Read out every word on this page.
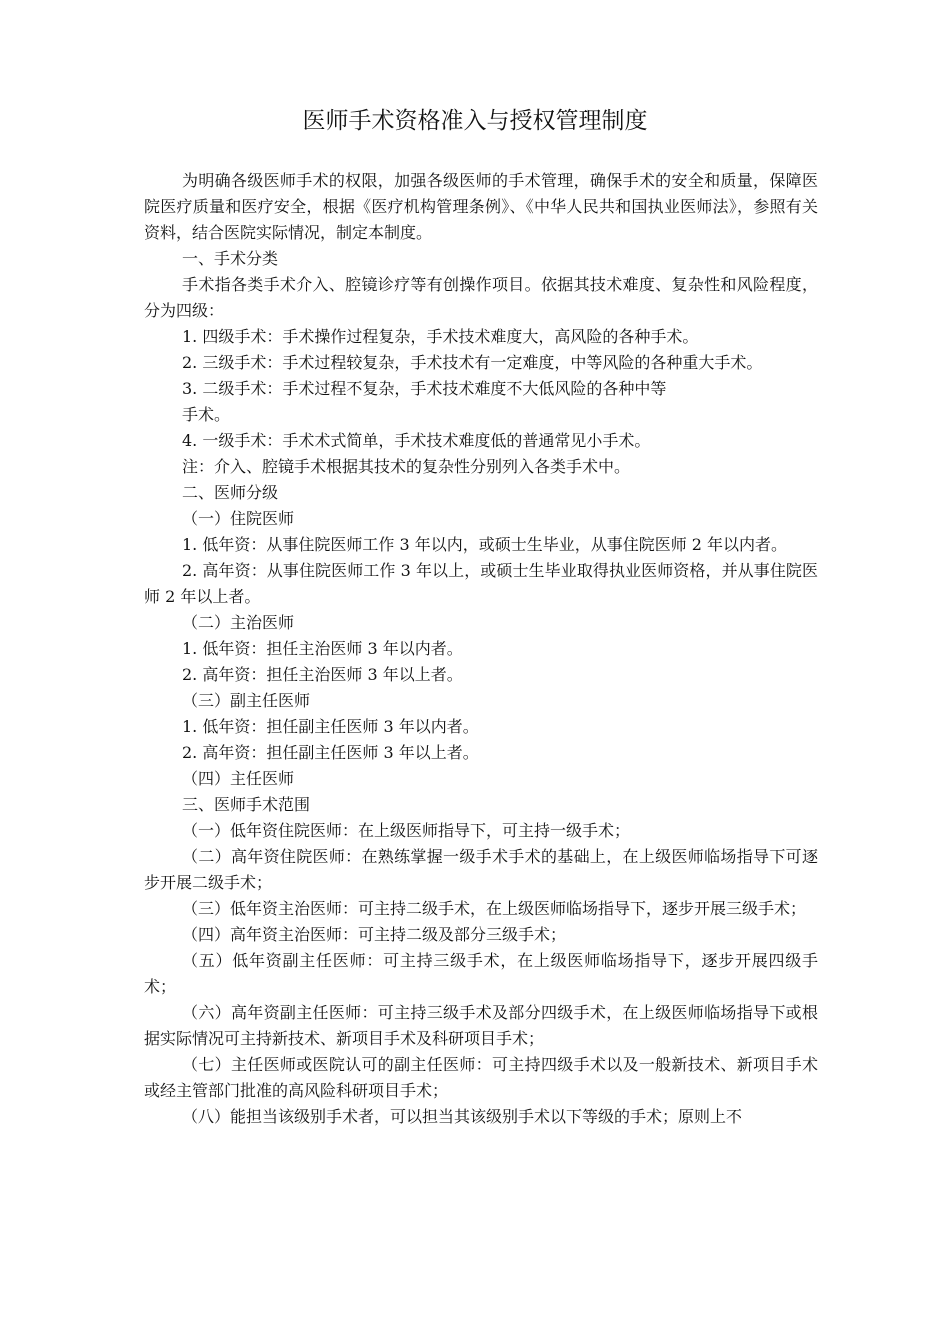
医师手术资格准入与授权管理制度

为明确各级医师手术的权限，加强各级医师的手术管理，确保手术的安全和质量，保障医院医疗质量和医疗安全，根据《医疗机构管理条例》、《中华人民共和国执业医师法》，参照有关资料，结合医院实际情况，制定本制度。

一、手术分类

手术指各类手术介入、腔镜诊疗等有创操作项目。依据其技术难度、复杂性和风险程度，分为四级：

1. 四级手术：手术操作过程复杂，手术技术难度大，高风险的各种手术。

2. 三级手术：手术过程较复杂，手术技术有一定难度，中等风险的各种重大手术。

3. 二级手术：手术过程不复杂，手术技术难度不大低风险的各种中等

手术。

4. 一级手术：手术术式简单，手术技术难度低的普通常见小手术。

注：介入、腔镜手术根据其技术的复杂性分别列入各类手术中。

二、医师分级

（一）住院医师

1. 低年资：从事住院医师工作 3 年以内，或硕士生毕业，从事住院医师 2 年以内者。

2. 高年资：从事住院医师工作 3 年以上，或硕士生毕业取得执业医师资格，并从事住院医师 2 年以上者。

（二）主治医师

1. 低年资：担任主治医师 3 年以内者。

2. 高年资：担任主治医师 3 年以上者。

（三）副主任医师

1. 低年资：担任副主任医师 3 年以内者。

2. 高年资：担任副主任医师 3 年以上者。

（四）主任医师

三、医师手术范围

（一）低年资住院医师：在上级医师指导下，可主持一级手术；

（二）高年资住院医师：在熟练掌握一级手术手术的基础上，在上级医师临场指导下可逐步开展二级手术；

（三）低年资主治医师：可主持二级手术，在上级医师临场指导下，逐步开展三级手术；

（四）高年资主治医师：可主持二级及部分三级手术；

（五）低年资副主任医师：可主持三级手术，在上级医师临场指导下，逐步开展四级手术；

（六）高年资副主任医师：可主持三级手术及部分四级手术，在上级医师临场指导下或根据实际情况可主持新技术、新项目手术及科研项目手术；

（七）主任医师或医院认可的副主任医师：可主持四级手术以及一般新技术、新项目手术或经主管部门批准的高风险科研项目手术；

（八）能担当该级别手术者，可以担当其该级别手术以下等级的手术；原则上不
